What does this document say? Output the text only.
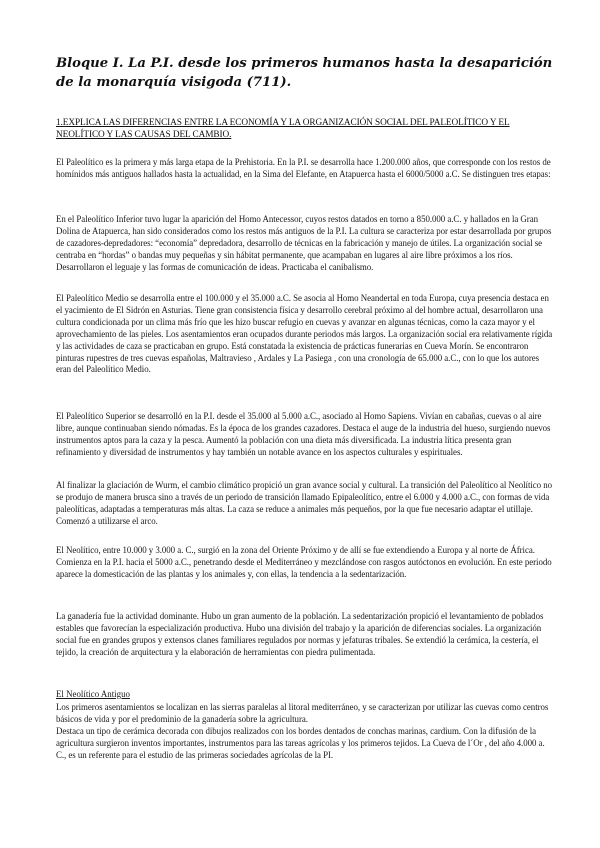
Bloque I. La P.I. desde los primeros humanos hasta la desaparición de la monarquía visigoda (711).

1.EXPLICA LAS DIFERENCIAS ENTRE LA ECONOMÍA Y LA ORGANIZACIÓN SOCIAL DEL PALEOLÍTICO Y EL NEOLÍTICO Y LAS CAUSAS DEL CAMBIO.

El Paleolítico es la primera y más larga etapa de la Prehistoria. En la P.I. se desarrolla hace 1.200.000 años, que corresponde con los restos de homínidos más antiguos hallados hasta la actualidad, en la Sima del Elefante, en Atapuerca hasta el 6000/5000 a.C. Se distinguen tres etapas:

En el Paleolítico Inferior tuvo lugar la aparición del Homo Antecessor, cuyos restos datados en torno a 850.000 a.C. y hallados en la Gran Dolina de Atapuerca, han sido considerados como los restos más antiguos de la P.I. La cultura se caracteriza por estar desarrollada por grupos de cazadores-depredadores: “economía” depredadora, desarrollo de técnicas en la fabricación y manejo de útiles. La organización social se centraba en “hordas” o bandas muy pequeñas y sin hábitat permanente, que acampaban en lugares al aire libre próximos a los ríos. Desarrollaron el leguaje y las formas de comunicación de ideas. Practicaba el canibalismo.

El Paleolítico Medio se desarrolla entre el 100.000 y el 35.000 a.C. Se asocia al Homo Neandertal en toda Europa, cuya presencia destaca en el yacimiento de El Sidrón en Asturias. Tiene gran consistencia física y desarrollo cerebral próximo al del hombre actual, desarrollaron una cultura condicionada por un clima más frío que les hizo buscar refugio en cuevas y avanzar en algunas técnicas, como la caza mayor y el aprovechamiento de las pieles. Los asentamientos eran ocupados durante periodos más largos. La organización social era relativamente rígida y las actividades de caza se practicaban en grupo. Está constatada la existencia de prácticas funerarias en Cueva Morín. Se encontraron pinturas rupestres de tres cuevas españolas, Maltravieso , Ardales y La Pasiega , con una cronología de 65.000 a.C., con lo que los autores eran del Paleolítico Medio.

El Paleolítico Superior se desarrolló en la P.I. desde el 35.000 al 5.000 a.C., asociado al Homo Sapiens. Vivían en cabañas, cuevas o al aire libre, aunque continuaban siendo nómadas. Es la época de los grandes cazadores. Destaca el auge de la industria del hueso, surgiendo nuevos instrumentos aptos para la caza y la pesca. Aumentó la población con una dieta más diversificada. La industria lítica presenta gran refinamiento y diversidad de instrumentos y hay también un notable avance en los aspectos culturales y espirituales.

Al finalizar la glaciación de Wurm, el cambio climático propició un gran avance social y cultural. La transición del Paleolítico al Neolítico no se produjo de manera brusca sino a través de un periodo de transición llamado Epipaleolítico, entre el 6.000 y 4.000 a.C., con formas de vida paleolíticas, adaptadas a temperaturas más altas. La caza se reduce a animales más pequeños, por la que fue necesario adaptar el utillaje. Comenzó a utilizarse el arco.

El Neolítico, entre 10.000 y 3.000 a. C., surgió en la zona del Oriente Próximo y de allí se fue extendiendo a Europa y al norte de África. Comienza en la P.I. hacia el 5000 a.C., penetrando desde el Mediterráneo y mezclándose con rasgos autóctonos en evolución. En este periodo aparece la domesticación de las plantas y los animales y, con ellas, la tendencia a la sedentarización.

La ganadería fue la actividad dominante. Hubo un gran aumento de la población. La sedentarización propició el levantamiento de poblados estables que favorecían la especialización productiva. Hubo una división del trabajo y la aparición de diferencias sociales. La organización social fue en grandes grupos y extensos clanes familiares regulados por normas y jefaturas tribales. Se extendió la cerámica, la cestería, el tejido, la creación de arquitectura y la elaboración de herramientas con piedra pulimentada.

El Neolítico Antiguo

Los primeros asentamientos se localizan en las sierras paralelas al litoral mediterráneo, y se caracterizan por utilizar las cuevas como centros básicos de vida y por el predominio de la ganadería sobre la agricultura.
Destaca un tipo de cerámica decorada con dibujos realizados con los bordes dentados de conchas marinas, cardium. Con la difusión de la agricultura surgieron inventos importantes, instrumentos para las tareas agrícolas y los primeros tejidos. La Cueva de l´Or , del año 4.000 a. C., es un referente para el estudio de las primeras sociedades agrícolas de la PI.
